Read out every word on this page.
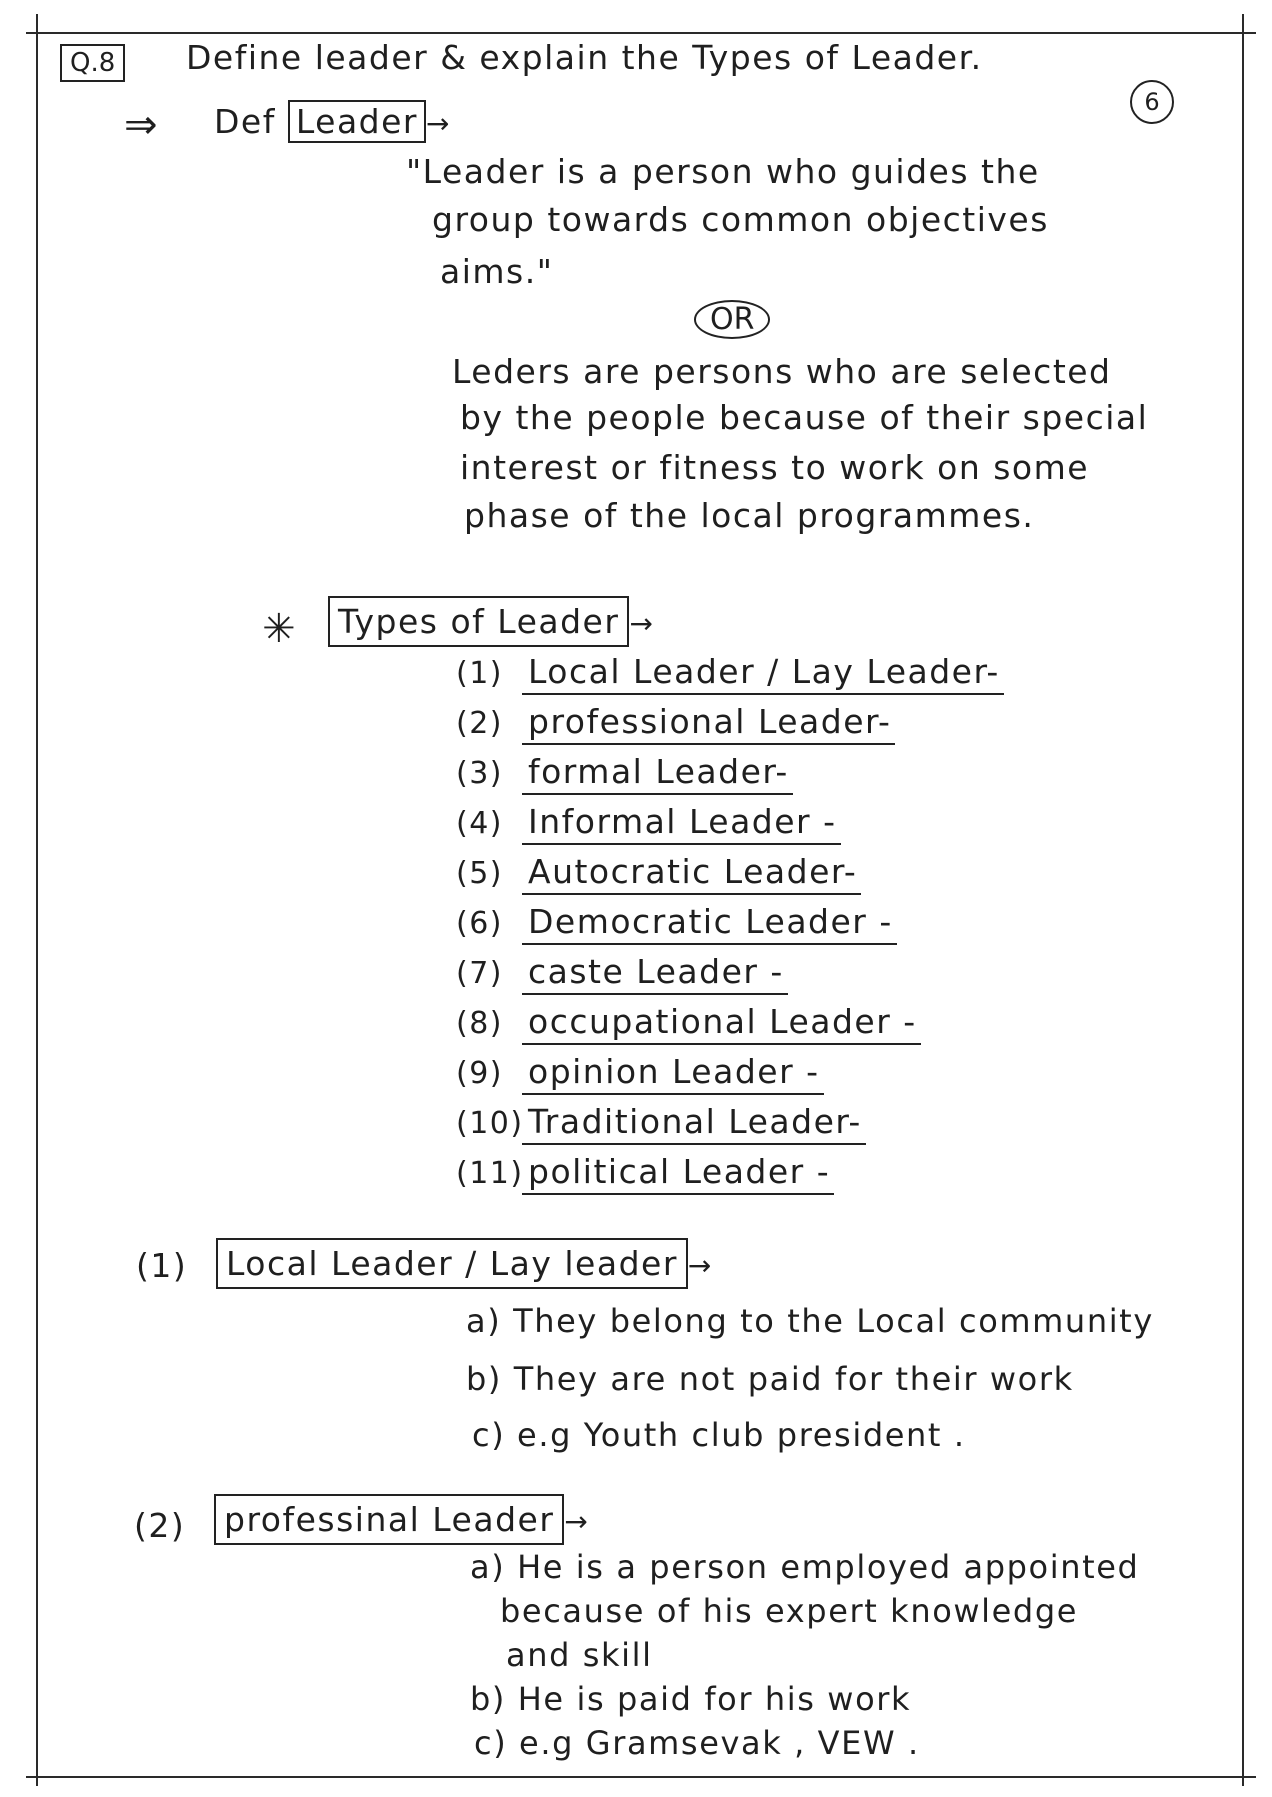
Q.8	Define leader & explain the Types of Leader.
6
⇒ Def Leader →
"Leader is a person who guides the
group towards common objectives
aims."
OR
Leders are persons who are selected
by the people because of their special
interest or fitness to work on some
phase of the local programmes.
✳	Types of Leader →
(1) Local Leader / Lay Leader-
(2) professional Leader-
(3) formal Leader-
(4) Informal Leader -
(5) Autocratic Leader-
(6) Democratic Leader -
(7) caste Leader -
(8) occupational Leader -
(9) opinion Leader -
(10) Traditional Leader-
(11) political Leader -
(1)	Local Leader / Lay leader →
a) They belong to the Local community
b) They are not paid for their work
c) e.g Youth club president .
(2)	professinal Leader →
a) He is a person employed appointed
because of his expert knowledge
and skill
b) He is paid for his work
c) e.g Gramsevak , VEW .
